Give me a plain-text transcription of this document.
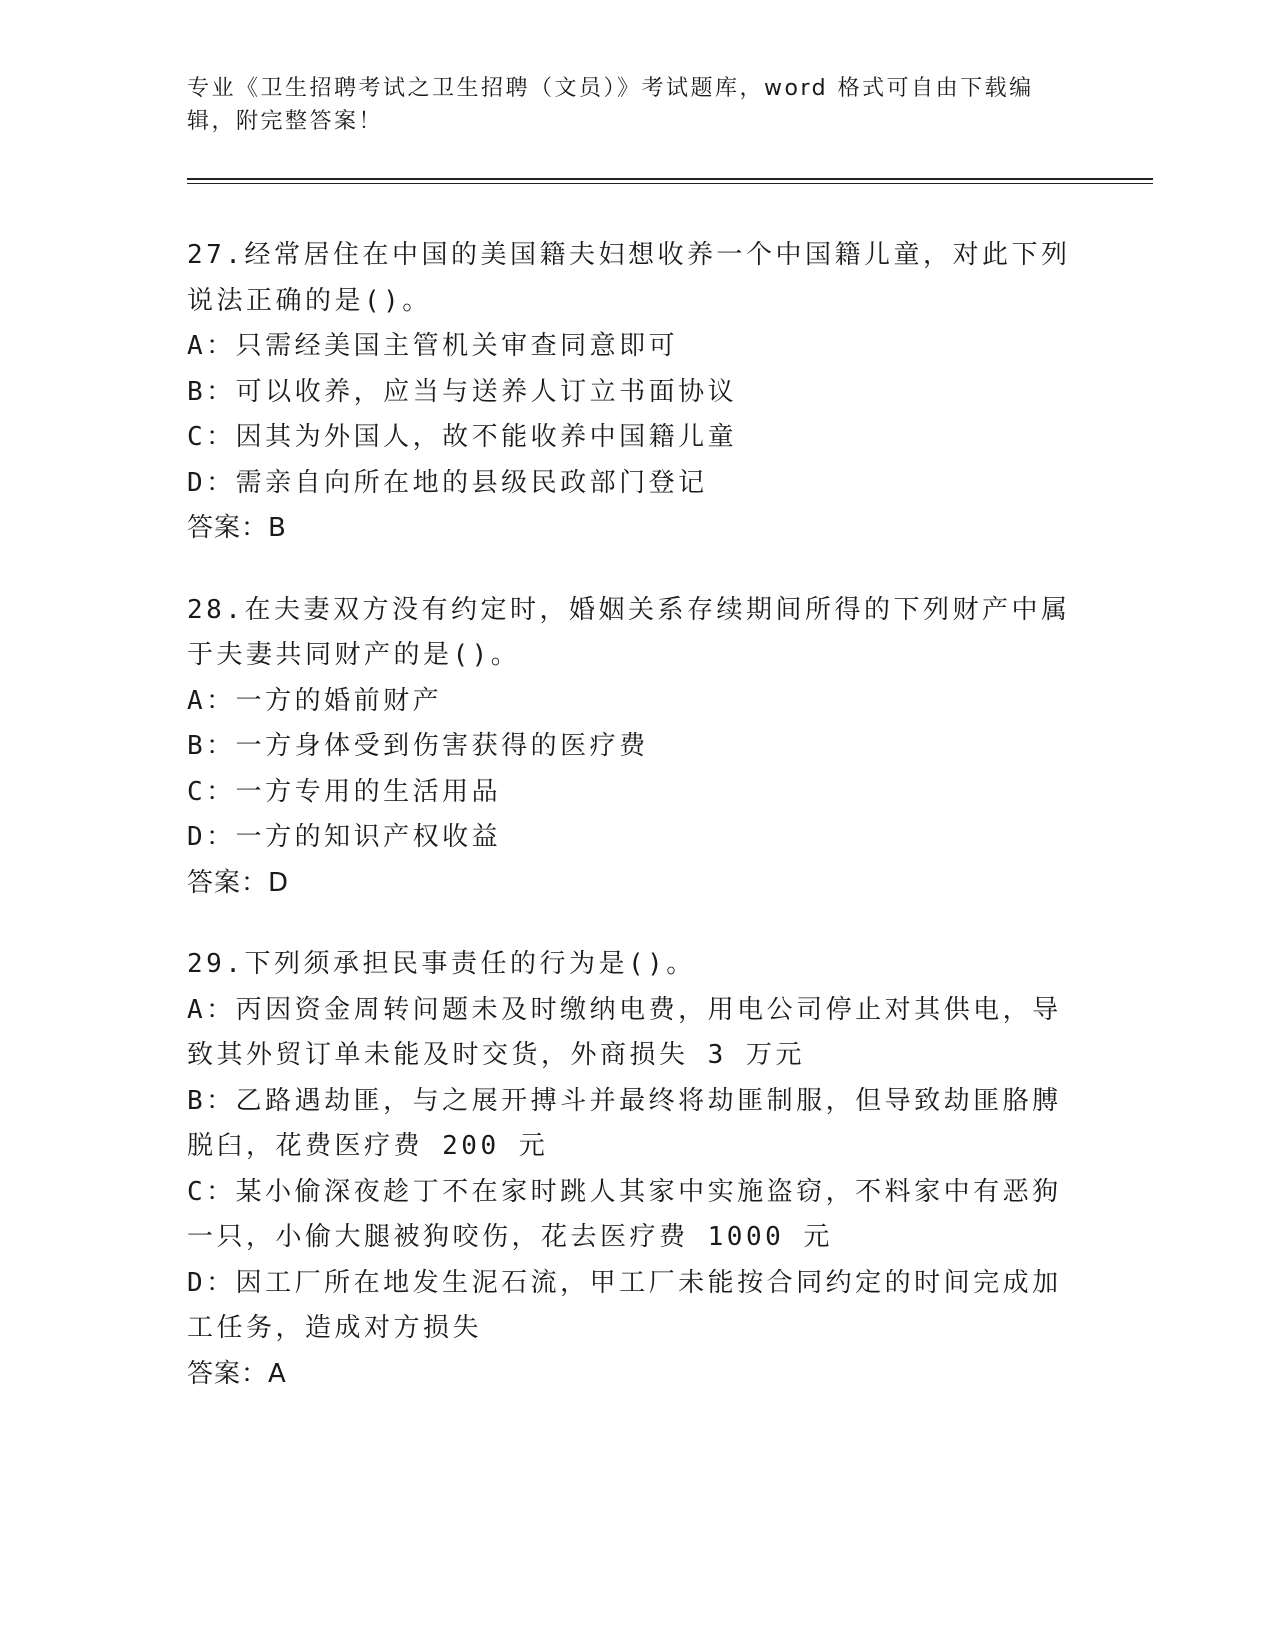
专业《卫生招聘考试之卫生招聘（文员）》考试题库，word 格式可自由下载编辑，附完整答案！
27.经常居住在中国的美国籍夫妇想收养一个中国籍儿童，对此下列说法正确的是()。
A：只需经美国主管机关审查同意即可
B：可以收养，应当与送养人订立书面协议
C：因其为外国人，故不能收养中国籍儿童
D：需亲自向所在地的县级民政部门登记
答案：B
28.在夫妻双方没有约定时，婚姻关系存续期间所得的下列财产中属于夫妻共同财产的是()。
A：一方的婚前财产
B：一方身体受到伤害获得的医疗费
C：一方专用的生活用品
D：一方的知识产权收益
答案：D
29.下列须承担民事责任的行为是()。
A：丙因资金周转问题未及时缴纳电费，用电公司停止对其供电，导致其外贸订单未能及时交货，外商损失 3 万元
B：乙路遇劫匪，与之展开搏斗并最终将劫匪制服，但导致劫匪胳膊脱臼，花费医疗费 200 元
C：某小偷深夜趁丁不在家时跳人其家中实施盗窃，不料家中有恶狗一只，小偷大腿被狗咬伤，花去医疗费 1000 元
D：因工厂所在地发生泥石流，甲工厂未能按合同约定的时间完成加工任务，造成对方损失
答案：A
